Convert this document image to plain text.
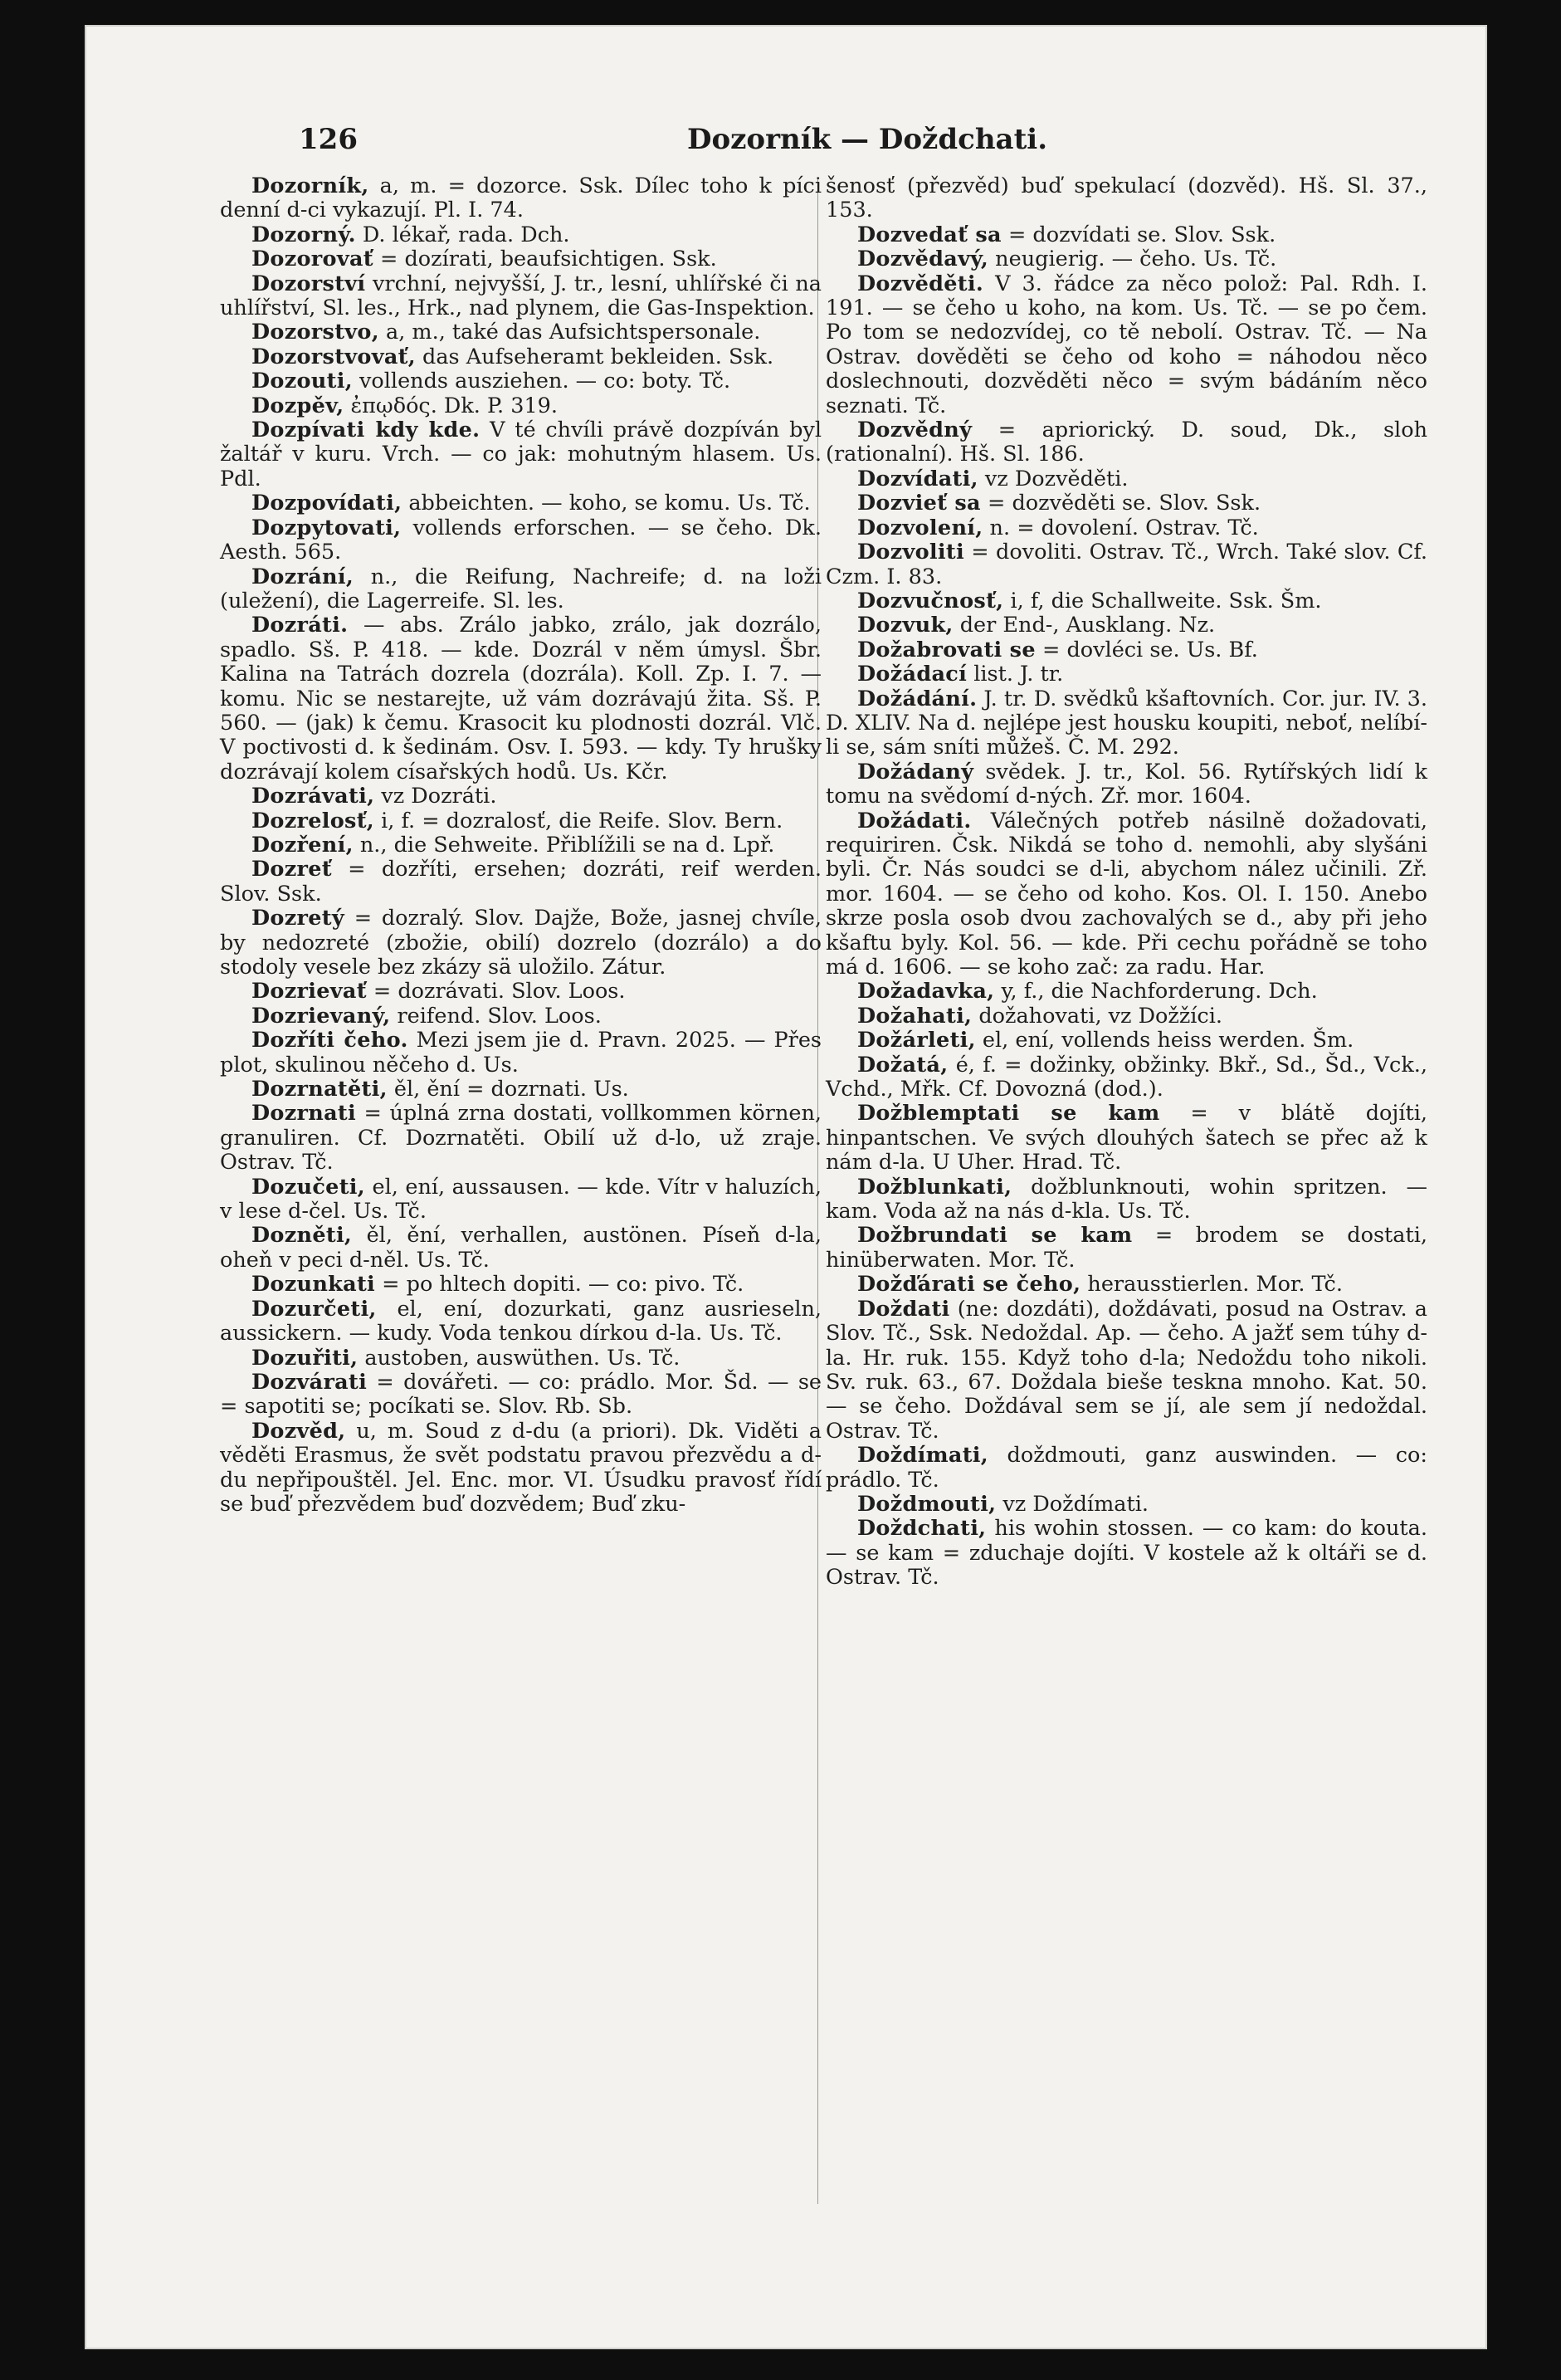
126	Dozorník — Doždchati.

Dozorník, a, m. = dozorce. Ssk. Dílec toho k píci denní d-ci vykazují. Pl. I. 74.

Dozorný. D. lékař, rada. Dch.

Dozorovať = dozírati, beaufsichtigen. Ssk.

Dozorství vrchní, nejvyšší, J. tr., lesní, uhlířské či na uhlířství, Sl. les., Hrk., nad plynem, die Gas-Inspektion.

Dozorstvo, a, m., také das Aufsichtspersonale.

Dozorstvovať, das Aufseheramt bekleiden. Ssk.

Dozouti, vollends ausziehen. — co: boty. Tč.

Dozpěv, ἐπῳδός. Dk. P. 319.

Dozpívati kdy kde. V té chvíli právě dozpíván byl žaltář v kuru. Vrch. — co jak: mohutným hlasem. Us. Pdl.

Dozpovídati, abbeichten. — koho, se komu. Us. Tč.

Dozpytovati, vollends erforschen. — se čeho. Dk. Aesth. 565.

Dozrání, n., die Reifung, Nachreife; d. na loži (uležení), die Lagerreife. Sl. les.

Dozráti. — abs. Zrálo jabko, zrálo, jak dozrálo, spadlo. Sš. P. 418. — kde. Dozrál v něm úmysl. Šbr. Kalina na Tatrách dozrela (dozrála). Koll. Zp. I. 7. — komu. Nic se nestarejte, už vám dozrávajú žita. Sš. P. 560. — (jak) k čemu. Krasocit ku plodnosti dozrál. Vlč. V poctivosti d. k šedinám. Osv. I. 593. — kdy. Ty hrušky dozrávají kolem císařských hodů. Us. Kčr.

Dozrávati, vz Dozráti.

Dozrelosť, i, f. = dozralosť, die Reife. Slov. Bern.

Dozření, n., die Sehweite. Přiblížili se na d. Lpř.

Dozreť = dozříti, ersehen; dozráti, reif werden. Slov. Ssk.

Dozretý = dozralý. Slov. Dajže, Bože, jasnej chvíle, by nedozreté (zbožie, obilí) dozrelo (dozrálo) a do stodoly vesele bez zkázy sä uložilo. Zátur.

Dozrievať = dozrávati. Slov. Loos.

Dozrievaný, reifend. Slov. Loos.

Dozříti čeho. Mezi jsem jie d. Pravn. 2025. — Přes plot, skulinou něčeho d. Us.

Dozrnatěti, ěl, ění = dozrnati. Us.

Dozrnati = úplná zrna dostati, vollkommen körnen, granuliren. Cf. Dozrnatěti. Obilí už d-lo, už zraje. Ostrav. Tč.

Dozučeti, el, ení, aussausen. — kde. Vítr v haluzích, v lese d-čel. Us. Tč.

Dozněti, ěl, ění, verhallen, austönen. Píseň d-la, oheň v peci d-něl. Us. Tč.

Dozunkati = po hltech dopiti. — co: pivo. Tč.

Dozurčeti, el, ení, dozurkati, ganz ausrieseln, aussickern. — kudy. Voda tenkou dírkou d-la. Us. Tč.

Dozuřiti, austoben, auswüthen. Us. Tč.

Dozvárati = dovářeti. — co: prádlo. Mor. Šd. — se = sapotiti se; pocíkati se. Slov. Rb. Sb.

Dozvěd, u, m. Soud z d-du (a priori). Dk. Viděti a věděti Erasmus, že svět podstatu pravou přezvědu a d-du nepřipouštěl. Jel. Enc. mor. VI. Úsudku pravosť řídí se buď přezvědem buď dozvědem; Buď zku-

šenosť (přezvěd) buď spekulací (dozvěd). Hš. Sl. 37., 153.

Dozvedať sa = dozvídati se. Slov. Ssk.

Dozvědavý, neugierig. — čeho. Us. Tč.

Dozvěděti. V 3. řádce za něco polož: Pal. Rdh. I. 191. — se čeho u koho, na kom. Us. Tč. — se po čem. Po tom se nedozvídej, co tě nebolí. Ostrav. Tč. — Na Ostrav. dověděti se čeho od koho = náhodou něco doslechnouti, dozvěděti něco = svým bádáním něco seznati. Tč.

Dozvědný = apriorický. D. soud, Dk., sloh (rationalní). Hš. Sl. 186.

Dozvídati, vz Dozvěděti.

Dozvieť sa = dozvěděti se. Slov. Ssk.

Dozvolení, n. = dovolení. Ostrav. Tč.

Dozvoliti = dovoliti. Ostrav. Tč., Wrch. Také slov. Cf. Czm. I. 83.

Dozvučnosť, i, f, die Schallweite. Ssk. Šm.

Dozvuk, der End-, Ausklang. Nz.

Dožabrovati se = dovléci se. Us. Bf.

Dožádací list. J. tr.

Dožádání. J. tr. D. svědků kšaftovních. Cor. jur. IV. 3. D. XLIV. Na d. nejlépe jest housku koupiti, neboť, nelíbí-li se, sám sníti můžeš. Č. M. 292.

Dožádaný svědek. J. tr., Kol. 56. Rytířských lidí k tomu na svědomí d-ných. Zř. mor. 1604.

Dožádati. Válečných potřeb násilně dožadovati, requiriren. Čsk. Nikdá se toho d. nemohli, aby slyšáni byli. Čr. Nás soudci se d-li, abychom nález učinili. Zř. mor. 1604. — se čeho od koho. Kos. Ol. I. 150. Anebo skrze posla osob dvou zachovalých se d., aby při jeho kšaftu byly. Kol. 56. — kde. Při cechu pořádně se toho má d. 1606. — se koho zač: za radu. Har.

Dožadavka, y, f., die Nachforderung. Dch.

Dožahati, dožahovati, vz Dožžíci.

Dožárleti, el, ení, vollends heiss werden. Šm.

Dožatá, é, f. = dožinky, obžinky. Bkř., Sd., Šd., Vck., Vchd., Mřk. Cf. Dovozná (dod.).

Dožblemptati se kam = v blátě dojíti, hinpantschen. Ve svých dlouhých šatech se přec až k nám d-la. U Uher. Hrad. Tč.

Dožblunkati, dožblunknouti, wohin spritzen. — kam. Voda až na nás d-kla. Us. Tč.

Dožbrundati se kam = brodem se dostati, hinüberwaten. Mor. Tč.

Dožďárati se čeho, herausstierlen. Mor. Tč.

Doždati (ne: dozdáti), doždávati, posud na Ostrav. a Slov. Tč., Ssk. Nedoždal. Ap. — čeho. A jažť sem túhy d-la. Hr. ruk. 155. Když toho d-la; Nedoždu toho nikoli. Sv. ruk. 63., 67. Doždala bieše teskna mnoho. Kat. 50. — se čeho. Doždával sem se jí, ale sem jí nedoždal. Ostrav. Tč.

Doždímati, doždmouti, ganz auswinden. — co: prádlo. Tč.

Doždmouti, vz Doždímati.

Doždchati, his wohin stossen. — co kam: do kouta. — se kam = zduchaje dojíti. V kostele až k oltáři se d. Ostrav. Tč.
